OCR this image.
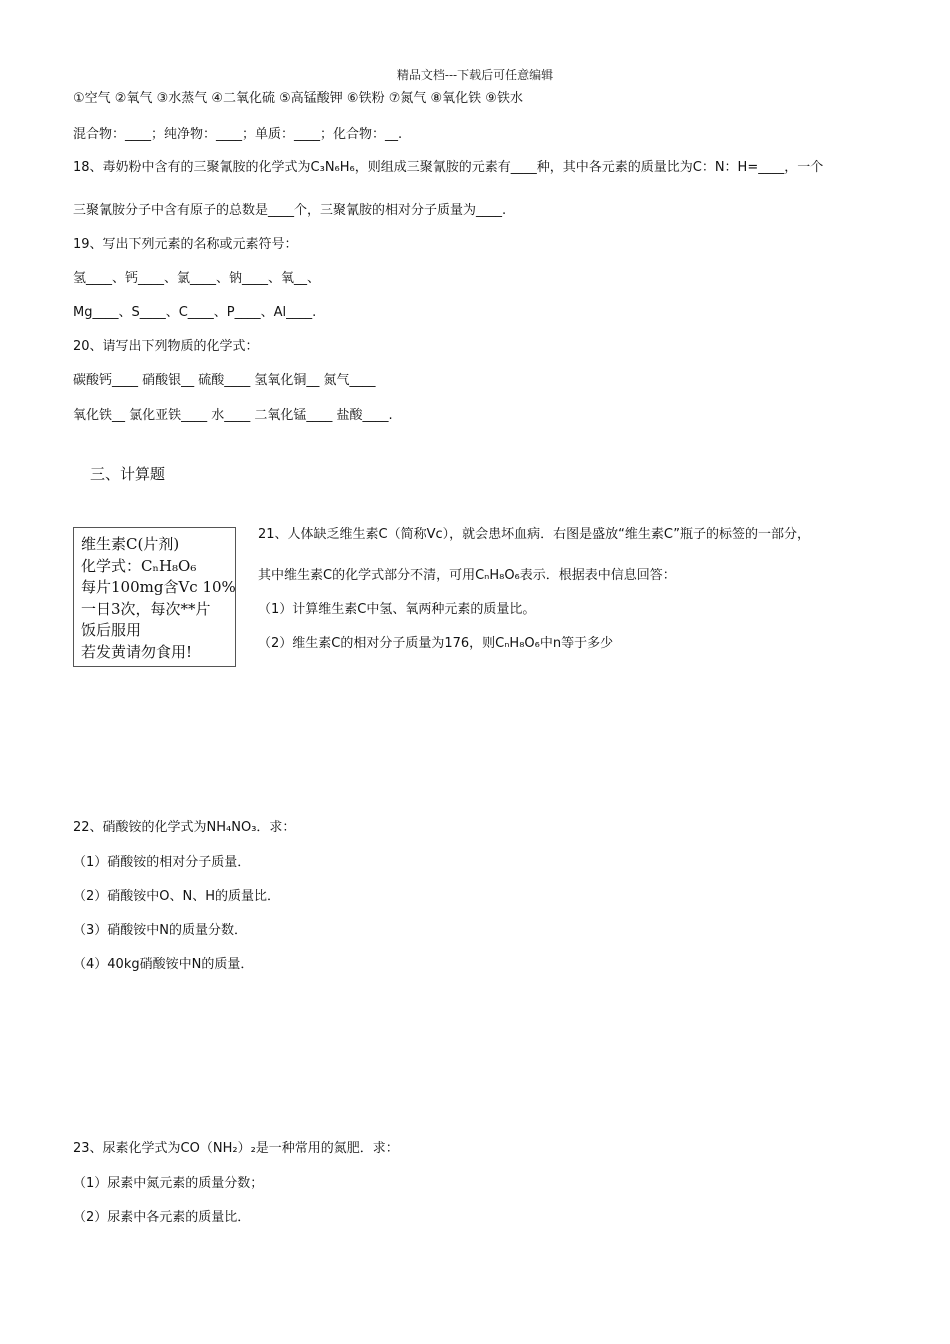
精品文档---下载后可任意编辑
①空气 ②氧气 ③水蒸气 ④二氧化硫 ⑤高锰酸钾 ⑥铁粉 ⑦氮气 ⑧氧化铁 ⑨铁水
混合物：____；纯净物：____；单质：____；化合物：__.
18、毒奶粉中含有的三聚氰胺的化学式为C₃N₆H₆，则组成三聚氰胺的元素有____种，其中各元素的质量比为C：N：H=____，一个
三聚氰胺分子中含有原子的总数是____个，三聚氰胺的相对分子质量为____.
19、写出下列元素的名称或元素符号：
氢____、钙____、氯____、钠____、氧__、
Mg____、S____、C____、P____、Al____.
20、请写出下列物质的化学式：
碳酸钙____ 硝酸银__ 硫酸____ 氢氧化铜__ 氮气____
氧化铁__ 氯化亚铁____ 水____ 二氧化锰____ 盐酸____.
三、计算题
维生素C(片剂)
化学式：CₙH₈O₆
每片100mg含Vc 10%
一日3次，每次**片
饭后服用
若发黄请勿食用!
21、人体缺乏维生素C（简称Vc），就会患坏血病．右图是盛放“维生素C”瓶子的标签的一部分，
其中维生素C的化学式部分不清，可用CₙH₈O₆表示．根据表中信息回答：
（1）计算维生素C中氢、氧两种元素的质量比。
（2）维生素C的相对分子质量为176，则CₙH₈O₆中n等于多少
22、硝酸铵的化学式为NH₄NO₃．求：
（1）硝酸铵的相对分子质量．
（2）硝酸铵中O、N、H的质量比．
（3）硝酸铵中N的质量分数．
（4）40kg硝酸铵中N的质量．
23、尿素化学式为CO（NH₂）₂是一种常用的氮肥．求：
（1）尿素中氮元素的质量分数；
（2）尿素中各元素的质量比．
